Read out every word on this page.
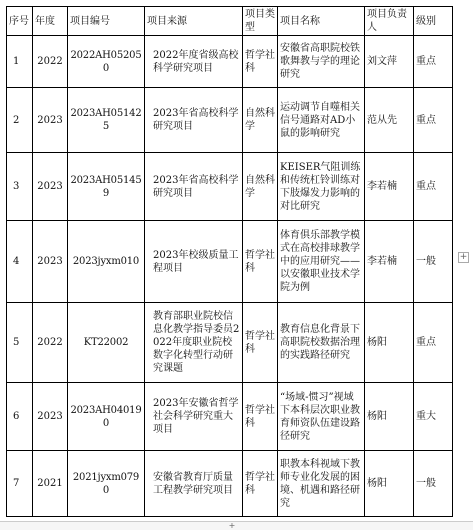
序号	年度	项目编号	项目来源	项目类型	项目名称	项目负责人	级别
1	2022	2022AH052050	2022年度省级高校科学研究项目	哲学社科	安徽省高职院校铁歌舞教与学的理论研究	刘文萍	重点
2	2023	2023AH051425	2023年省高校科学研究项目	自然科学	运动调节自噬相关信号通路对AD小鼠的影响研究	范从先	重点
3	2023	2023AH051459	2023年省高校科学研究项目	自然科学	KEISER气阻训练和传统杠铃训练对下肢爆发力影响的对比研究	李若楠	重点
4	2023	2023jyxm010	2023年校级质量工程项目	哲学社科	体育俱乐部教学模式在高校排球教学中的应用研究——以安徽职业技术学院为例	李若楠	一般
5	2022	KT22002	教育部职业院校信息化教学指导委员2022年度职业院校数字化转型行动研究课题	哲学社科	教育信息化背景下高职院校数据治理的实践路径研究	杨阳	重点
6	2023	2023AH040190	2023年安徽省哲学社会科学研究重大项目	哲学社科	“场域-惯习”视域下本科层次职业教育师资队伍建设路径研究	杨阳	重大
7	2021	2021jyxm0790	安徽省教育厅质量工程教学研究项目	哲学社科	职教本科视域下教师专业化发展的困境、机遇和路径研究	杨阳	一般
+
+
